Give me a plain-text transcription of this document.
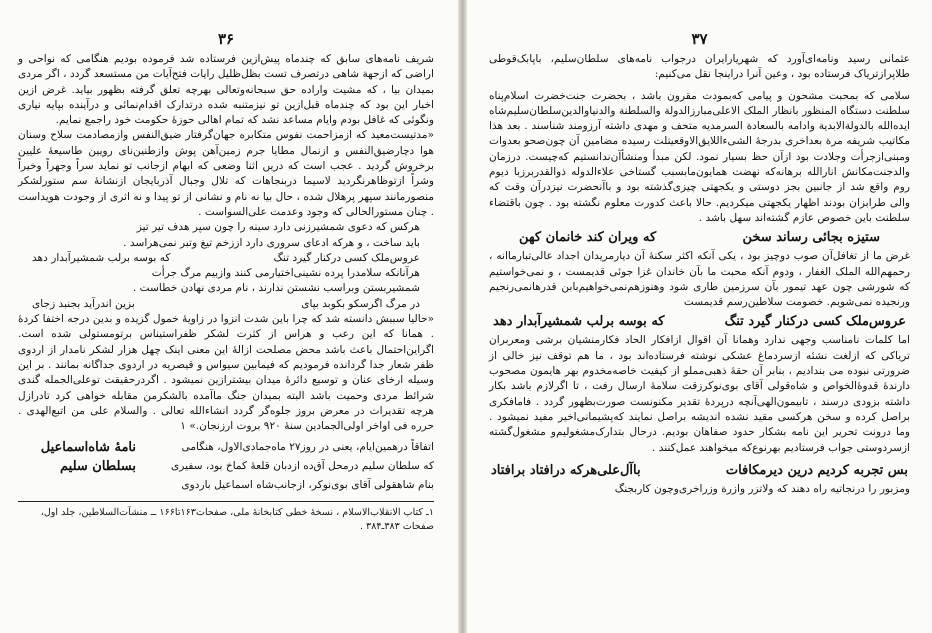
۳۶

شریف نامه‌های سابق که چندماه پیش‌ازین فرستاده شد فرموده بودیم هنگامی که نواحی و اراضی که ازجهة شاهی درتصرف تست بظل‌ظلیل رایات فتح‌آیات من مستسعد گردد ، اگر مردی بمیدان بیا ، که مشیت واراده حق سبحانه‌وتعالی بهرچه تعلق گرفته بظهور بیاید. غرض ازین اخبار این بود که چندماه قبل‌ازین تو نیزمتنبه شده درتدارک اقدام‌نمائی و درآینده بپایه نیاری ونگوئی که غافل بودم وایام مساعد نشد که تمام اهالی حوزهٔ حکومت خود راجمع نمایم.

«مدتیست‌معید که ازمزاحمت نفوس متکابره جهان‌گرفتار ضیق‌النفس وازمصادمت سلاح وسنان هوا دچارضیق‌النفس و ازنمال مطایا جرم زمین‌آهن پوش وازطنین‌نای رویین طاسیعهٔ علیین برخروش گردید . عجب است که دریں اثنا وضعی که ابهام ازجانب تو نماید سراً وجهراً وخیراً وشراً ازتوظاهرنگردید لاسیما دربنجاهات که تلال وجبال آذربایجان ازنشانهٔ سم ستورلشکر منصورمانند سپهر پرهلال شده ، حال بیا نه نام و نشانی از تو پیدا و نه اثری از وجودت هویداست . چنان مستورالحالی که وجود وعدمت علی‌السواست .

هرکس که دعوی شمشیرزنی دارد سینه را چون سپر هدف تیر تیز
باید ساخت ، و هرکه ادعای سروری دارد اززخم تیغ وتبر نمی‌هراسد .
عروس‌ملک کسی درکنار گیرد تنگ
که بوسه برلب شمشیرآبدار دهد
هرآنانکه سلامدرا پرده نشینی‌اختیارمی کنند وازبیم مرگ جرأت
شمشیربستن وبراسب نشستن ندارند ، نام مردی نهادن خطاست .
در مرگ اگرسکو بکوبد بپای
بزین اندرآید بجنبد زجای

«حالیا سببش دانسته شد که چرا باین شدت انزوا در زاویهٔ خمول گزیده و بدین درجه اختفا کردهٔ . همانا که این رعب و هراس از کثرت لشکر ظفراستیناس برتومستولی شده است. اگراین‌احتمال باعث باشد محض مصلحت ازالهٔ این معنی اینک چهل هزار لشکر نامدار از اردوی ظفر شعار جدا گردانده فرمودیم که فیمابین سیواس و قیصریه در اردوی جداگانه بمانند . بر این وسیله ارخای عنان و توسیع دائرهٔ میدان بیشترازین نمیشود . اگردرحقیقت توعلی‌الجمله گندی شرائط مردی وحمیت باشد البته بمیدان جنگ ماآمده بالشکرمن مقابله خواهی کرد تادرازل هرچه تقدیرات در معرض بروز جلوه‌گر گردد انشاءالله تعالی . والسلام علی من اتبع‌الهدی . حرره فی اواخر اولی‌الجمادین سنهٔ ۹۲۰ بروت ارزنجان.» ۱

اتفاقاً درهمین‌ایام‌، یعنی در روز۲۷ ماه‌جمادی‌الاول، هنگامی
که سلطان سلیم درمحل آق‌ده ازدبان قلعهٔ کماخ بود، سفیری
بنام شاهقولی آقای بوی‌نوکر، ازجانب‌شاه اسماعیل باردوی
نامهٔ شاه‌اسماعیل
بسلطان سلیم

۱ـ کتاب الانقلاب‌الاسلام ، نسخهٔ خطی کتابخانهٔ ملی، صفحات۱۶۳تا۱۶۶ ــ منشآت‌السلاطین، جلد اول، صفحات ۳۸۳ـ۳۸۴ .

۳۷

عثمانی رسید ونامه‌ای‌آورد که شهریارایران درجواب نامه‌های سلطان‌سلیم، باپابک‌قوطی طلاپرازتریاک فرستاده بود ، وعین آنرا دراینجا نقل می‌کنیم:

سلامی که بمحبت مشحون و پیامی که‌بمودت مقرون باشد ، بحضرت جنت‌خضرت اسلام‌پناه سلطنت دستگاه المنظور بانظار الملک الاعلی‌مبارزالدولة والسلطنة والدنیاوالدین‌سلطان‌سلیم‌شاه ایده‌الله بالدولة‌الابدیة وادامه بالسعادة السرمدیه متحف و مهدی داشته آرزومند شناسند . بعد هذا مکاتیب شریفه مرة بعداخری بدرجهٔ الشیء‌اللایق‌الاوقعیتلت رسیده مضامین آن چون‌صحو بعدوات ومبنی‌ازجرأت وجلادت بود ازآن حظ بسیار نمود. لکن مبدأ ومنشأآن‌ندانستیم که‌چیست. درزمان والدجنت‌مکانش انارالله برهانه‌که نهضت همایون‌ما‌بسبب گستاخی علاءالدوله ذوالقدربرزبا دیوم روم واقع شد از جانبین بجز دوستی و یکجهتی چیزی‌گذشته بود و باآنحضرت نیزدرآن وقت که والی طرابزان بودند اظهار یکجهتی میکردیم. حالا باعث کدورت معلوم نگشته بود . چون باقتضاء سلطنت باین خصوص عازم گشته‌اند سهل باشد .

ستیزه بجائی رساند سخن
که ویران کند خانمان کهن

غرض ما از تغافل‌آن صوب دوچیز بود ، یکی آنکه اکثر سکنهٔ آن دیارمریدان اجداد عالی‌تبارماانه ، رحمهم‌الله الملک الغفار ، ودوم آنکه محبت ما بآن خاندان غزا جوئی قدیمست ، و نمی‌خواستیم که شورشی چون عهد تیمور بآن سرزمین طاری شود وهنوزهم‌نمی‌خواهیم‌بابن قدرهانمی‌رنجیم ورنجیده نمی‌شویم. خصومت سلاطین‌رسم قدیمست

عروس‌ملک کسی درکنار گیرد تنگ
که بوسه برلب شمشیرآبدار دهد

اما کلمات نامناسب وجهی ندارد وهمانا آن اقوال ازافکار الحاد فکارمنشیان برشی ومعربران تریاکی که ازلغت نشئه ازسردماغ عشکی نوشته فرستاده‌اند بود ، ما هم توقف نیز خالی از ضرورتی نبوده می بندادیم ، بنابر آن حقهٔ ذهبی‌مملو از کیفیت خاصه‌مخدوم بهر هایمون مصحوب دارندهٔ قدوهٔ‌الخواص و شاه‌قولی آقای بوی‌نوکرزقت سلامهٔ ارسال رفت ، تا اگرلازم باشد بکار داشته بزودی درسند ، تابیمون‌الهی‌آنچه درپردهٔ تقدیر مکنونست صورت‌بظهور گردد . فامافکری براصل کرده و سخن هرکسی مقید نشده اندیشه براصل نمایند که‌پشیمانی‌اخیر مفید نمیشود . وما درونت تحریر این نامه بشکار حدود صفاهان بودیم. درحال بتدارک‌مشغولیم‌و مشغول‌گشته ازسردوستی جواب فرستادیم بهرنوع‌که میخواهند عمل‌کنند .

بس تجربه کردیم درین دیرمکافات
باآل‌علی‌هرکه درافتاد برافتاد

ومزبور را درنجاتیه راه دهند که ولاتزر وازرة وزراخری‌وچون کاربجنگ
